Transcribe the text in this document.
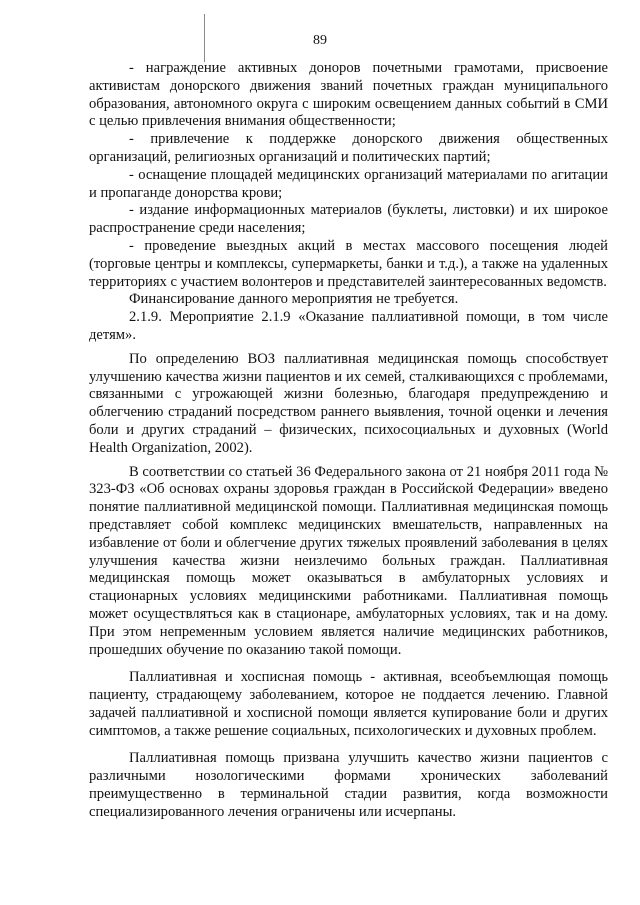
89

- награждение активных доноров почетными грамотами, присвоение активистам донорского движения званий почетных граждан муниципального образования, автономного округа с широким освещением данных событий в СМИ с целью привлечения внимания общественности;

- привлечение к поддержке донорского движения общественных организаций, религиозных организаций и политических партий;

- оснащение площадей медицинских организаций материалами по агитации и пропаганде донорства крови;

- издание информационных материалов (буклеты, листовки) и их широкое распространение среди населения;

- проведение выездных акций в местах массового посещения людей (торговые центры и комплексы, супермаркеты, банки и т.д.), а также на удаленных территориях с участием волонтеров и представителей заинтересованных ведомств.

Финансирование данного мероприятия не требуется.

2.1.9. Мероприятие 2.1.9 «Оказание паллиативной помощи, в том числе детям».

По определению ВОЗ паллиативная медицинская помощь способствует улучшению качества жизни пациентов и их семей, сталкивающихся с проблемами, связанными с угрожающей жизни болезнью, благодаря предупреждению и облегчению страданий посредством раннего выявления, точной оценки и лечения боли и других страданий – физических, психосоциальных и духовных (World Health Organization, 2002).

В соответствии со статьей 36 Федерального закона от 21 ноября 2011 года № 323-ФЗ «Об основах охраны здоровья граждан в Российской Федерации» введено понятие паллиативной медицинской помощи. Паллиативная медицинская помощь представляет собой комплекс медицинских вмешательств, направленных на избавление от боли и облегчение других тяжелых проявлений заболевания в целях улучшения качества жизни неизлечимо больных граждан. Паллиативная медицинская помощь может оказываться в амбулаторных условиях и стационарных условиях медицинскими работниками. Паллиативная помощь может осуществляться как в стационаре, амбулаторных условиях, так и на дому. При этом непременным условием является наличие медицинских работников, прошедших обучение по оказанию такой помощи.

Паллиативная и хосписная помощь - активная, всеобъемлющая помощь пациенту, страдающему заболеванием, которое не поддается лечению. Главной задачей паллиативной и хосписной помощи является купирование боли и других симптомов, а также решение социальных, психологических и духовных проблем.

Паллиативная помощь призвана улучшить качество жизни пациентов с различными нозологическими формами хронических заболеваний преимущественно в терминальной стадии развития, когда возможности специализированного лечения ограничены или исчерпаны.
